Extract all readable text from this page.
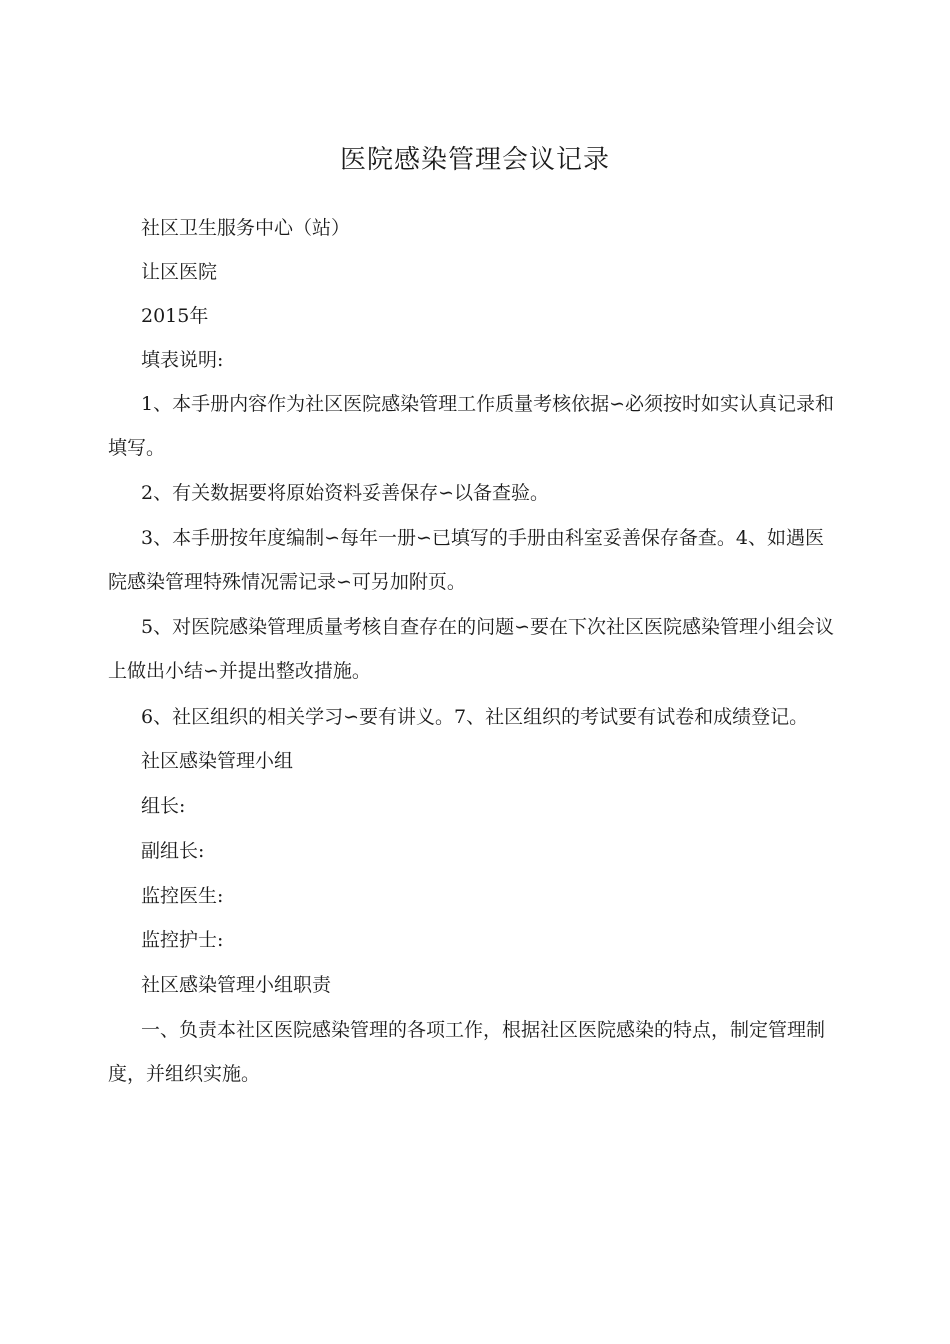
医院感染管理会议记录
社区卫生服务中心（站）
让区医院
2015年
填表说明:
1、本手册内容作为社区医院感染管理工作质量考核依据∽必须按时如实认真记录和填写。
2、有关数据要将原始资料妥善保存∽以备查验。
3、本手册按年度编制∽每年一册∽已填写的手册由科室妥善保存备查。4、如遇医院感染管理特殊情况需记录∽可另加附页。
5、对医院感染管理质量考核自查存在的问题∽要在下次社区医院感染管理小组会议上做出小结∽并提出整改措施。
6、社区组织的相关学习∽要有讲义。7、社区组织的考试要有试卷和成绩登记。
社区感染管理小组
组长:
副组长:
监控医生:
监控护士:
社区感染管理小组职责
一、负责本社区医院感染管理的各项工作，根据社区医院感染的特点，制定管理制度，并组织实施。
